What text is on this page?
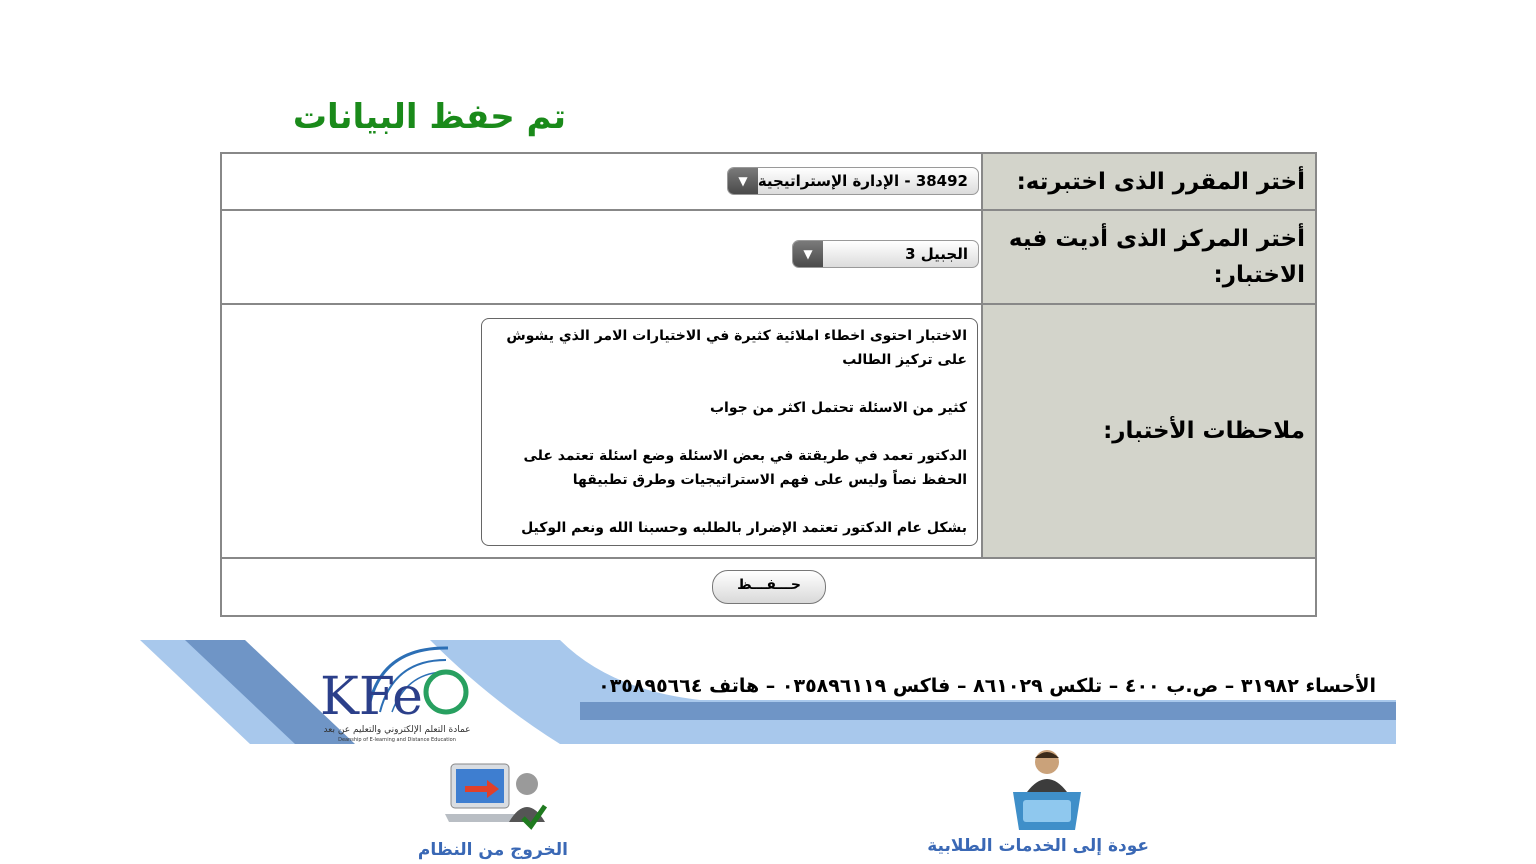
تم حفظ البيانات
38492 - الإدارة الإستراتيجية
▼	أختر المقرر الذى اختبرته:

الجبيل 3
▼	أختر المركز الذى أديت فيه الاختبار:

الاختبار احتوى اخطاء املائية كثيرة في الاختيارات الامر الذي يشوش على تركيز الطالب

كثير من الاسئلة تحتمل اكثر من جواب

الدكتور تعمد في طريقتة في بعض الاسئلة وضع اسئلة تعتمد على الحفظ نصاً وليس على فهم الاستراتيجيات وطرق تطبيقها

بشكل عام الدكتور تعتمد الإضرار بالطلبه وحسبنا الله ونعم الوكيل	ملاحظات الأختبار:

حـــفـــظ
KFe
عمادة التعلم الإلكتروني والتعليم عن بعد
Deanship of E-learning and Distance Education
الأحساء ٣١٩٨٢ – ص.ب ٤٠٠ – تلكس ٨٦١٠٢٩ – فاكس ٠٣٥٨٩٦١١٩ – هاتف ٠٣٥٨٩٥٦٦٤
الخروج من النظام	عودة إلى الخدمات الطلابية
